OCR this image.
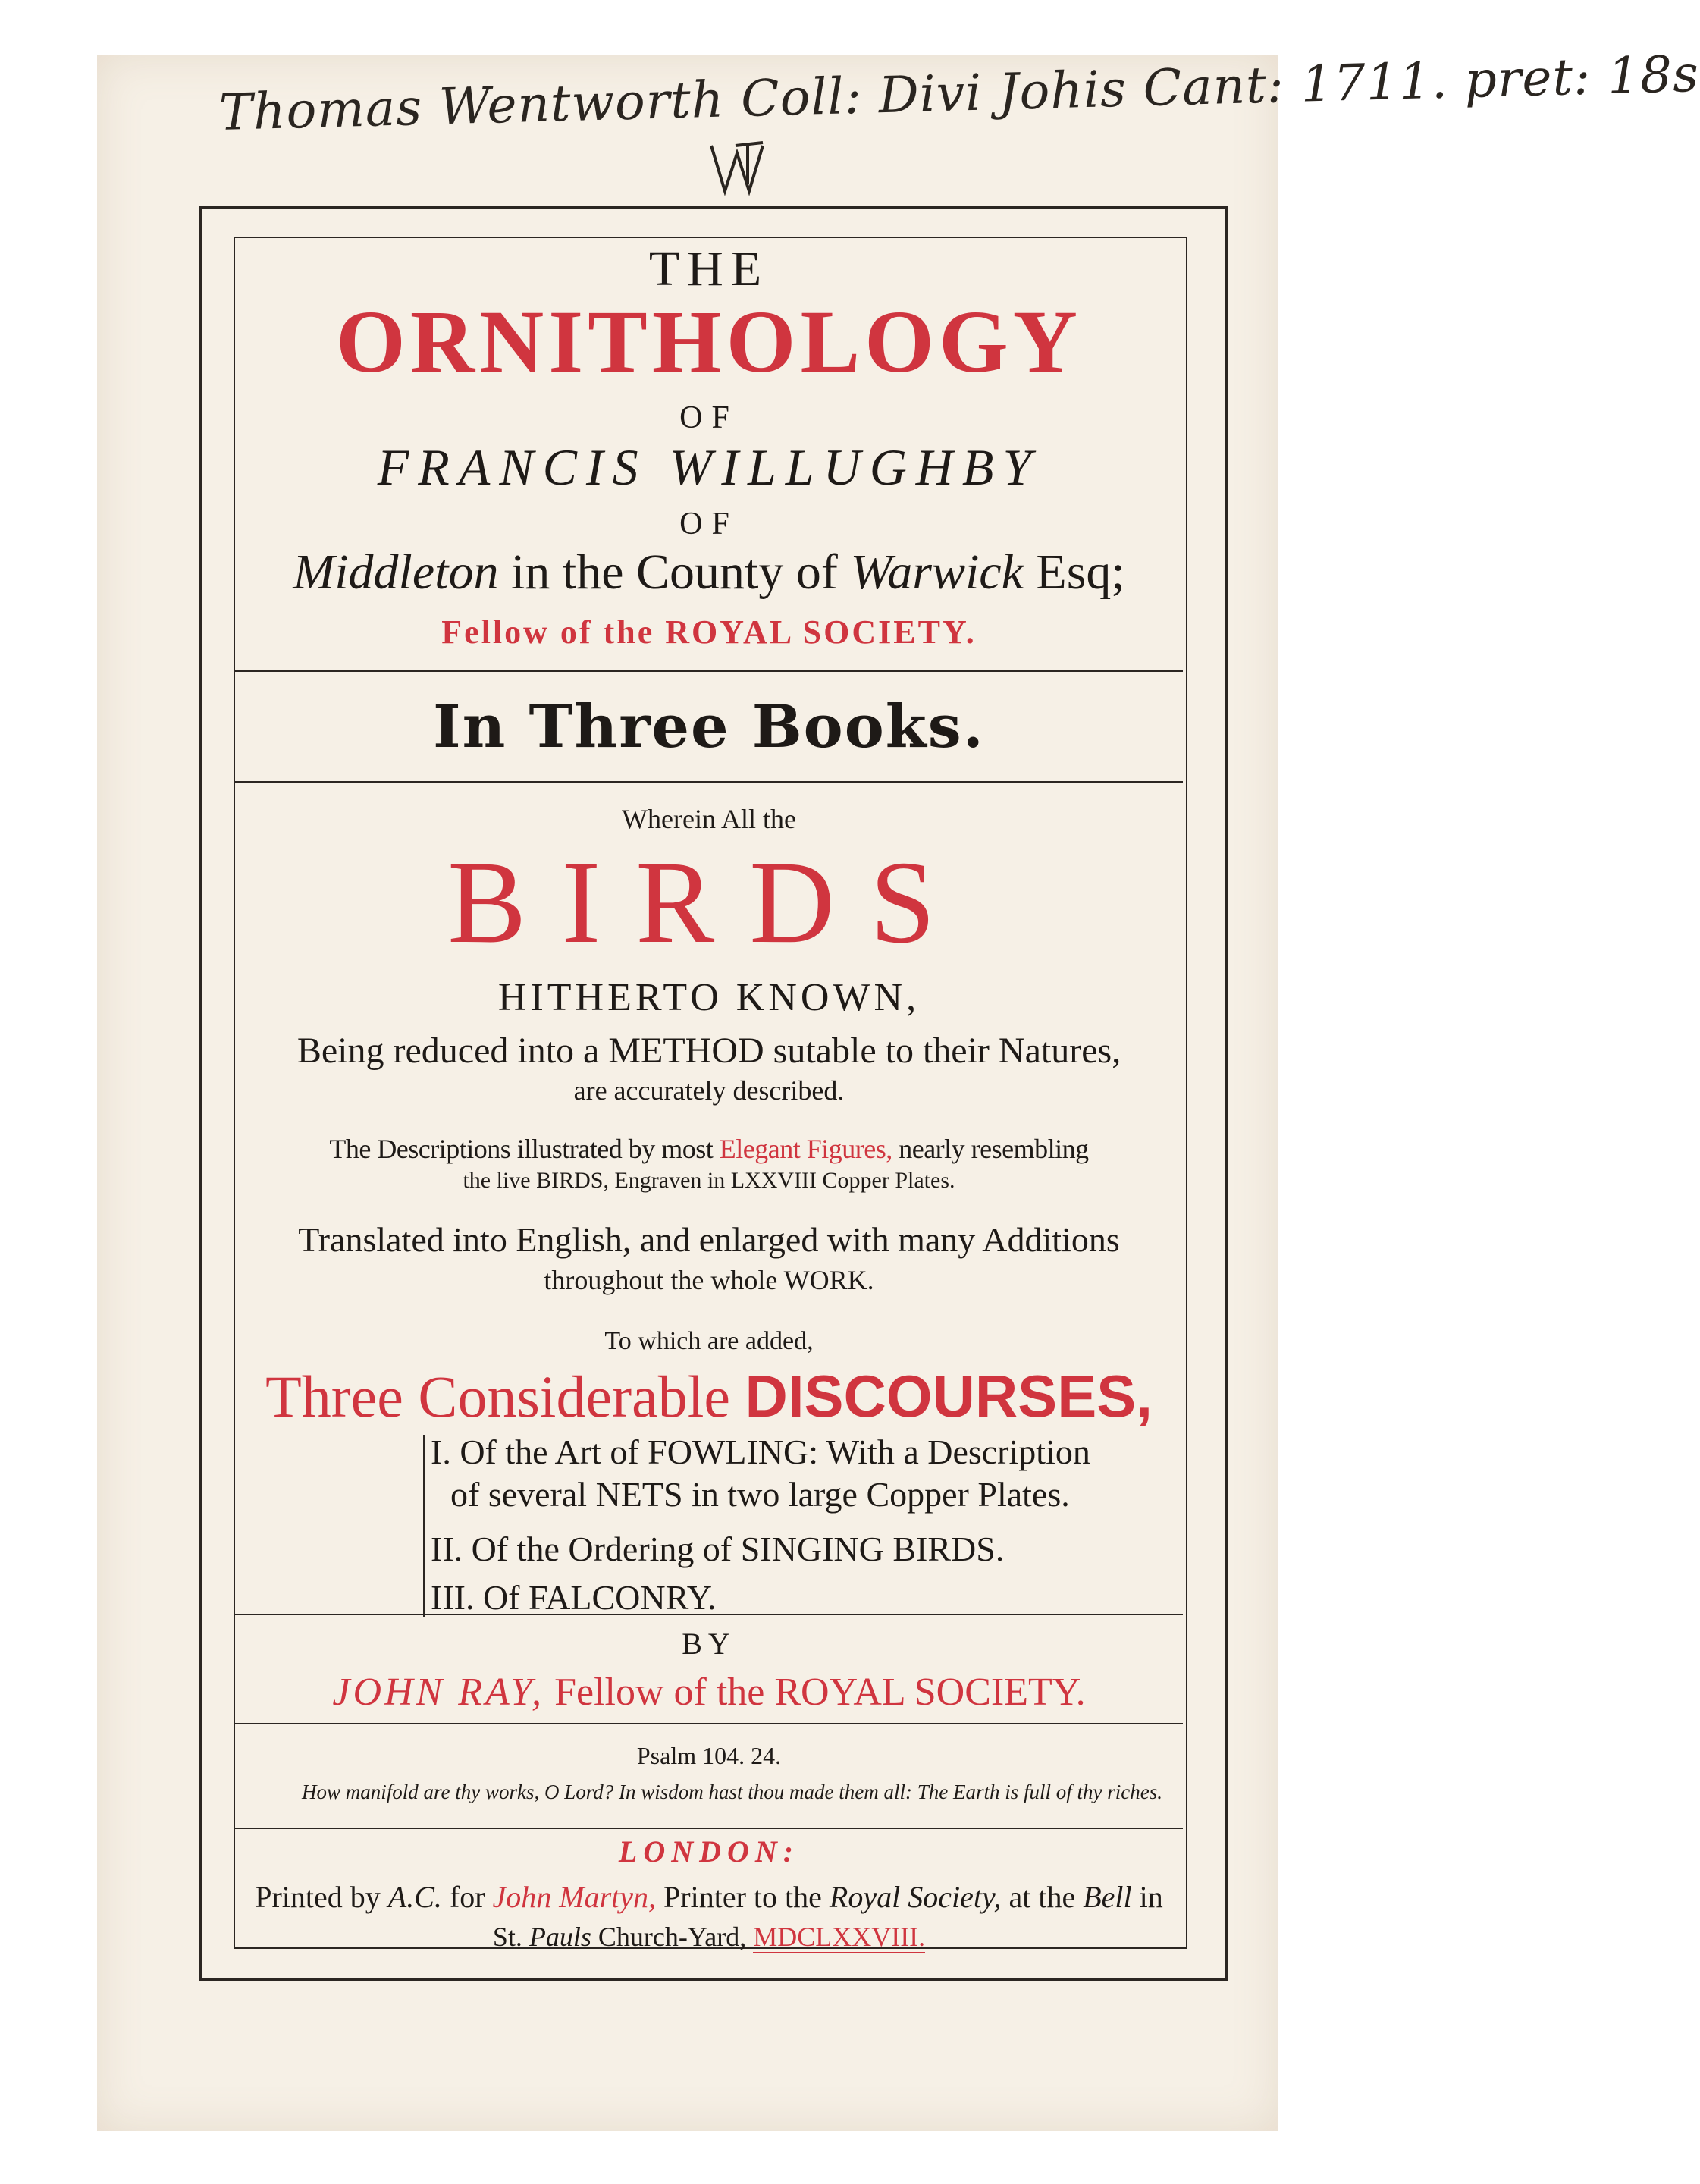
Thomas Wentworth Coll: Divi Johis Cant: 1711. pret: 18s
THE
ORNITHOLOGY
OF
FRANCIS WILLUGHBY
OF
Middleton in the County of Warwick Esq;
Fellow of the ROYAL SOCIETY.
In Three Books.
Wherein All the
BIRDS
HITHERTO KNOWN,
Being reduced into a METHOD sutable to their Natures,
are accurately described.
The Descriptions illustrated by most Elegant Figures, nearly resembling
the live BIRDS, Engraven in LXXVIII Copper Plates.
Translated into English, and enlarged with many Additions
throughout the whole WORK.
To which are added,
Three Considerable DISCOURSES,
I. Of the Art of FOWLING: With a Description
of several NETS in two large Copper Plates.
II. Of the Ordering of SINGING BIRDS.
III. Of FALCONRY.
BY
JOHN RAY, Fellow of the ROYAL SOCIETY.
Psalm 104. 24.
How manifold are thy works, O Lord? In wisdom hast thou made them all: The Earth is full of thy riches.
LONDON:
Printed by A.C. for John Martyn, Printer to the Royal Society, at the Bell in
St. Pauls Church-Yard, MDCLXXVIII.
